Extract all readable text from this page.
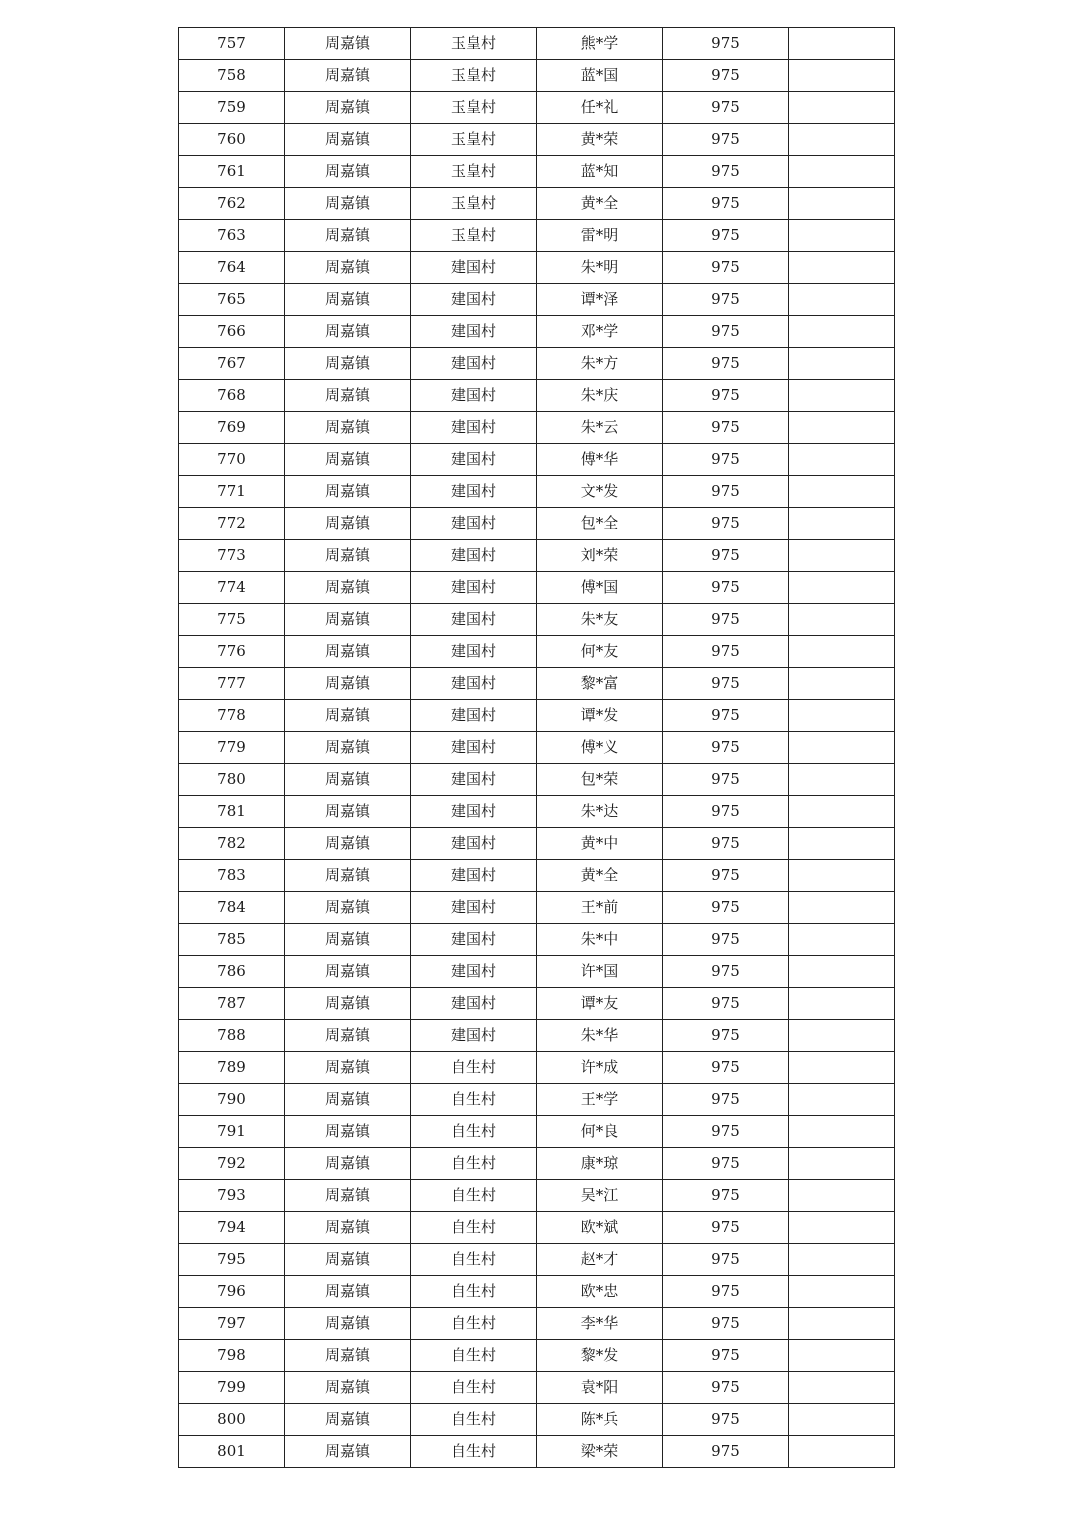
757	周嘉镇	玉皇村	熊*学	975	
758	周嘉镇	玉皇村	蓝*国	975	
759	周嘉镇	玉皇村	任*礼	975	
760	周嘉镇	玉皇村	黄*荣	975	
761	周嘉镇	玉皇村	蓝*知	975	
762	周嘉镇	玉皇村	黄*全	975	
763	周嘉镇	玉皇村	雷*明	975	
764	周嘉镇	建国村	朱*明	975	
765	周嘉镇	建国村	谭*泽	975	
766	周嘉镇	建国村	邓*学	975	
767	周嘉镇	建国村	朱*方	975	
768	周嘉镇	建国村	朱*庆	975	
769	周嘉镇	建国村	朱*云	975	
770	周嘉镇	建国村	傅*华	975	
771	周嘉镇	建国村	文*发	975	
772	周嘉镇	建国村	包*全	975	
773	周嘉镇	建国村	刘*荣	975	
774	周嘉镇	建国村	傅*国	975	
775	周嘉镇	建国村	朱*友	975	
776	周嘉镇	建国村	何*友	975	
777	周嘉镇	建国村	黎*富	975	
778	周嘉镇	建国村	谭*发	975	
779	周嘉镇	建国村	傅*义	975	
780	周嘉镇	建国村	包*荣	975	
781	周嘉镇	建国村	朱*达	975	
782	周嘉镇	建国村	黄*中	975	
783	周嘉镇	建国村	黄*全	975	
784	周嘉镇	建国村	王*前	975	
785	周嘉镇	建国村	朱*中	975	
786	周嘉镇	建国村	许*国	975	
787	周嘉镇	建国村	谭*友	975	
788	周嘉镇	建国村	朱*华	975	
789	周嘉镇	自生村	许*成	975	
790	周嘉镇	自生村	王*学	975	
791	周嘉镇	自生村	何*良	975	
792	周嘉镇	自生村	康*琼	975	
793	周嘉镇	自生村	吴*江	975	
794	周嘉镇	自生村	欧*斌	975	
795	周嘉镇	自生村	赵*才	975	
796	周嘉镇	自生村	欧*忠	975	
797	周嘉镇	自生村	李*华	975	
798	周嘉镇	自生村	黎*发	975	
799	周嘉镇	自生村	袁*阳	975	
800	周嘉镇	自生村	陈*兵	975	
801	周嘉镇	自生村	梁*荣	975	
